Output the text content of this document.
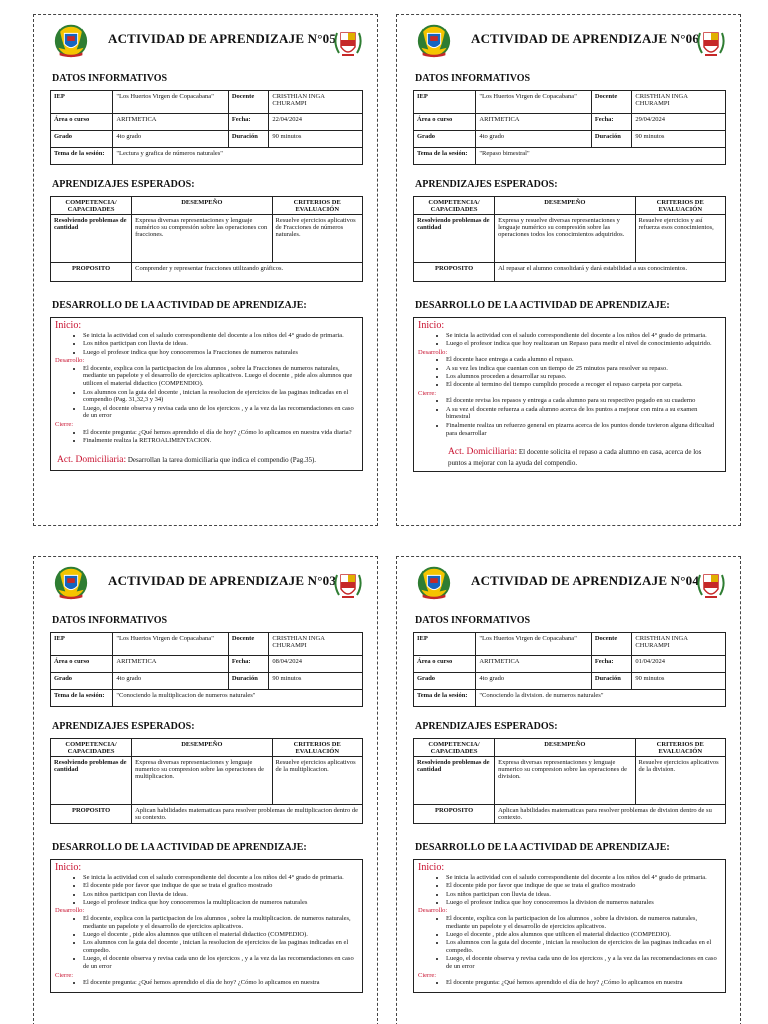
ACTIVIDAD DE APRENDIZAJE N°05
DATOS INFORMATIVOS
IEP	"Los Huertos Virgen de Copacabana"	Docente	CRISTHIAN INGA CHURAMPI
Área o curso	ARITMETICA	Fecha:	22/04/2024
Grado	4to grado	Duración	90 minutos
Tema de la sesión:	"Lectura y grafica de números naturales"		
APRENDIZAJES ESPERADOS:
COMPETENCIA/ CAPACIDADES	DESEMPEÑO	CRITERIOS DE EVALUACIÓN
Resolviendo problemas de cantidad	Expresa diversas representaciones y lenguaje numérico su compresión sobre las operaciones con fracciones.	Resuelve ejercicios aplicativos de Fracciones de números naturales.
PROPOSITO	Comprender y representar fracciones utilizando gráficos.	
DESARROLLO DE LA ACTIVIDAD DE APRENDIZAJE:
Inicio:
• Se inicia la actividad con el saludo correspondiente del docente a los niños del 4° grado de primaria.
• Los niños participan con lluvia de ideas.
• Luego el profesor indica que hoy conoceremos la Fracciones de numeros naturales
Desarrollo:
• El docente, explica con la participacion de los alumnos , sobre la Fracciones de numeros naturales, mediante un papelote y el desarrollo de ejercicios aplicativos. Luego el docente , pide alos alumnos que utilicen el material didactico (COMPENDIO).
• Los alumnos con la guia del docente , inician la resolucion de ejercicios de las paginas indicadas en el compendio (Pag. 31,32,3 y 34)
• Luego, el docente observa y revisa cada uno de los ejercicos , y a la vez da las recomendaciones en caso de un error
Cierre:
• El docente pregunta: ¿Qué hemos aprendido el día de hoy? ¿Cómo lo aplicamos en nuestra vida diaria?
• Finalmente realiza la RETROALIMENTACION.
Act. Domiciliaria: Desarrollan la tarea domiciliaria que indica el compendio (Pag.35).
ACTIVIDAD DE APRENDIZAJE N°06
DATOS INFORMATIVOS
IEP	"Los Huertos Virgen de Copacabana"	Docente	CRISTHIAN INGA CHURAMPI
Área o curso	ARITMETICA	Fecha:	29/04/2024
Grado	4to grado	Duración	90 minutos
Tema de la sesión:	"Repaso bimestral"		
APRENDIZAJES ESPERADOS:
COMPETENCIA/ CAPACIDADES	DESEMPEÑO	CRITERIOS DE EVALUACIÓN
Resolviendo problemas de cantidad	Expresa y resuelve diversas representaciones y lenguaje numérico su compresión sobre las operaciones todos los conocimientos adquiridos.	Resuelve ejercicios y así refuerza esos conocimientos,
PROPOSITO	Al repasar el alumno consolidará y dará estabilidad a sus conocimientos.	
DESARROLLO DE LA ACTIVIDAD DE APRENDIZAJE:
Inicio:
• Se inicia la actividad con el saludo correspondiente del docente a los niños del 4° grado de primaria.
• Luego el profesor indica que hoy realizaran un Repaso para medir el nivel de conocimiento adquirido.
Desarrollo:
• El docente hace entrega a cada alumno el repaso.
• A su vez les indica que cuentan con un tiempo de 25 minutos para resolver su repaso.
• Los alumnos proceden a desarrollar su repaso.
• El docente al termino del tiempo cumplido procede a recoger el repaso carpeta por carpeta.
Cierre:
• El docente revisa los repasos y entrega a cada alumno para su respectivo pegado en su cuaderno
• A su vez el docente refuerza a cada alumno acerca de los puntos a mejorar con mira a su examen bimestral
• Finalmente realiza un refuerzo general en pizarra acerca de los puntos donde tuvieron alguna dificultad para desarrollar
Act. Domiciliaria: El docente solicita el repaso a cada alumno en casa, acerca de los puntos a mejorar con la ayuda del compendio.
ACTIVIDAD DE APRENDIZAJE N°03
DATOS INFORMATIVOS
IEP	"Los Huertos Virgen de Copacabana"	Docente	CRISTHIAN INGA CHURAMPI
Área o curso	ARITMETICA	Fecha:	08/04/2024
Grado	4to grado	Duración	90 minutos
Tema de la sesión:	"Conociendo la multiplicacion de numeros naturales"		
APRENDIZAJES ESPERADOS:
COMPETENCIA/ CAPACIDADES	DESEMPEÑO	CRITERIOS DE EVALUACIÓN
Resolviendo problemas de cantidad	Expresa diversas representaciones y lenguaje numerico su compresion sobre las operaciones de multiplicacion.	Resuelve ejercicios aplicativos de la multiplicacion.
PROPOSITO	Aplican habilidades matematicas para resolver problemas de multiplicacion dentro de su contexto.	
DESARROLLO DE LA ACTIVIDAD DE APRENDIZAJE:
Inicio:
• Se inicia la actividad con el saludo correspondiente del docente a los niños del 4° grado de primaria.
• El docente pide por favor que indique de que se trata el grafico mostrado
• Los niños participan con lluvia de ideas.
• Luego el profesor indica que hoy conoceremos la multiplicacion de numeros naturales
Desarrollo:
• El docente, explica con la participacion de los alumnos , sobre la multiplicacion. de numeros naturales, mediante un papelote y el desarrollo de ejercicios aplicativos.
• Luego el docente , pide alos alumnos que utilicen el material didactico (COMPEDIO).
• Los alumnos con la guia del docente , inician la resolucion de ejercicios de las paginas indicadas en el compedio.
• Luego, el docente observa y revisa cada uno de los ejercicos , y a la vez da las recomendaciones en caso de un error
Cierre:
• El docente pregunta: ¿Qué hemos aprendido el día de hoy? ¿Cómo lo aplicamos en nuestra
ACTIVIDAD DE APRENDIZAJE N°04
DATOS INFORMATIVOS
IEP	"Los Huertos Virgen de Copacabana"	Docente	CRISTHIAN INGA CHURAMPI
Área o curso	ARITMETICA	Fecha:	01/04/2024
Grado	4to grado	Duración	90 minutos
Tema de la sesión:	"Conociendo la division. de numeros naturales"		
APRENDIZAJES ESPERADOS:
COMPETENCIA/ CAPACIDADES	DESEMPEÑO	CRITERIOS DE EVALUACIÓN
Resolviendo problemas de cantidad	Expresa diversas representaciones y lenguaje numerico su compresion sobre las operaciones de division.	Resuelve ejercicios aplicativos de la division.
PROPOSITO	Aplican habilidades matematicas para resolver problemas de division dentro de su contexto.	
DESARROLLO DE LA ACTIVIDAD DE APRENDIZAJE:
Inicio:
• Se inicia la actividad con el saludo correspondiente del docente a los niños del 4° grado de primaria.
• El docente pide por favor que indique de que se trata el grafico mostrado
• Los niños participan con lluvia de ideas.
• Luego el profesor indica que hoy conoceremos la division de numeros naturales
Desarrollo:
• El docente, explica con la participacion de los alumnos , sobre la division. de numeros naturales, mediante un papelote y el desarrollo de ejercicios aplicativos.
• Luego el docente , pide alos alumnos que utilicen el material didactico (COMPEDIO).
• Los alumnos con la guia del docente , inician la resolucion de ejercicios de las paginas indicadas en el compedio.
• Luego, el docente observa y revisa cada uno de los ejercicos , y a la vez da las recomendaciones en caso de un error
Cierre:
• El docente pregunta: ¿Qué hemos aprendido el día de hoy? ¿Cómo lo aplicamos en nuestra
